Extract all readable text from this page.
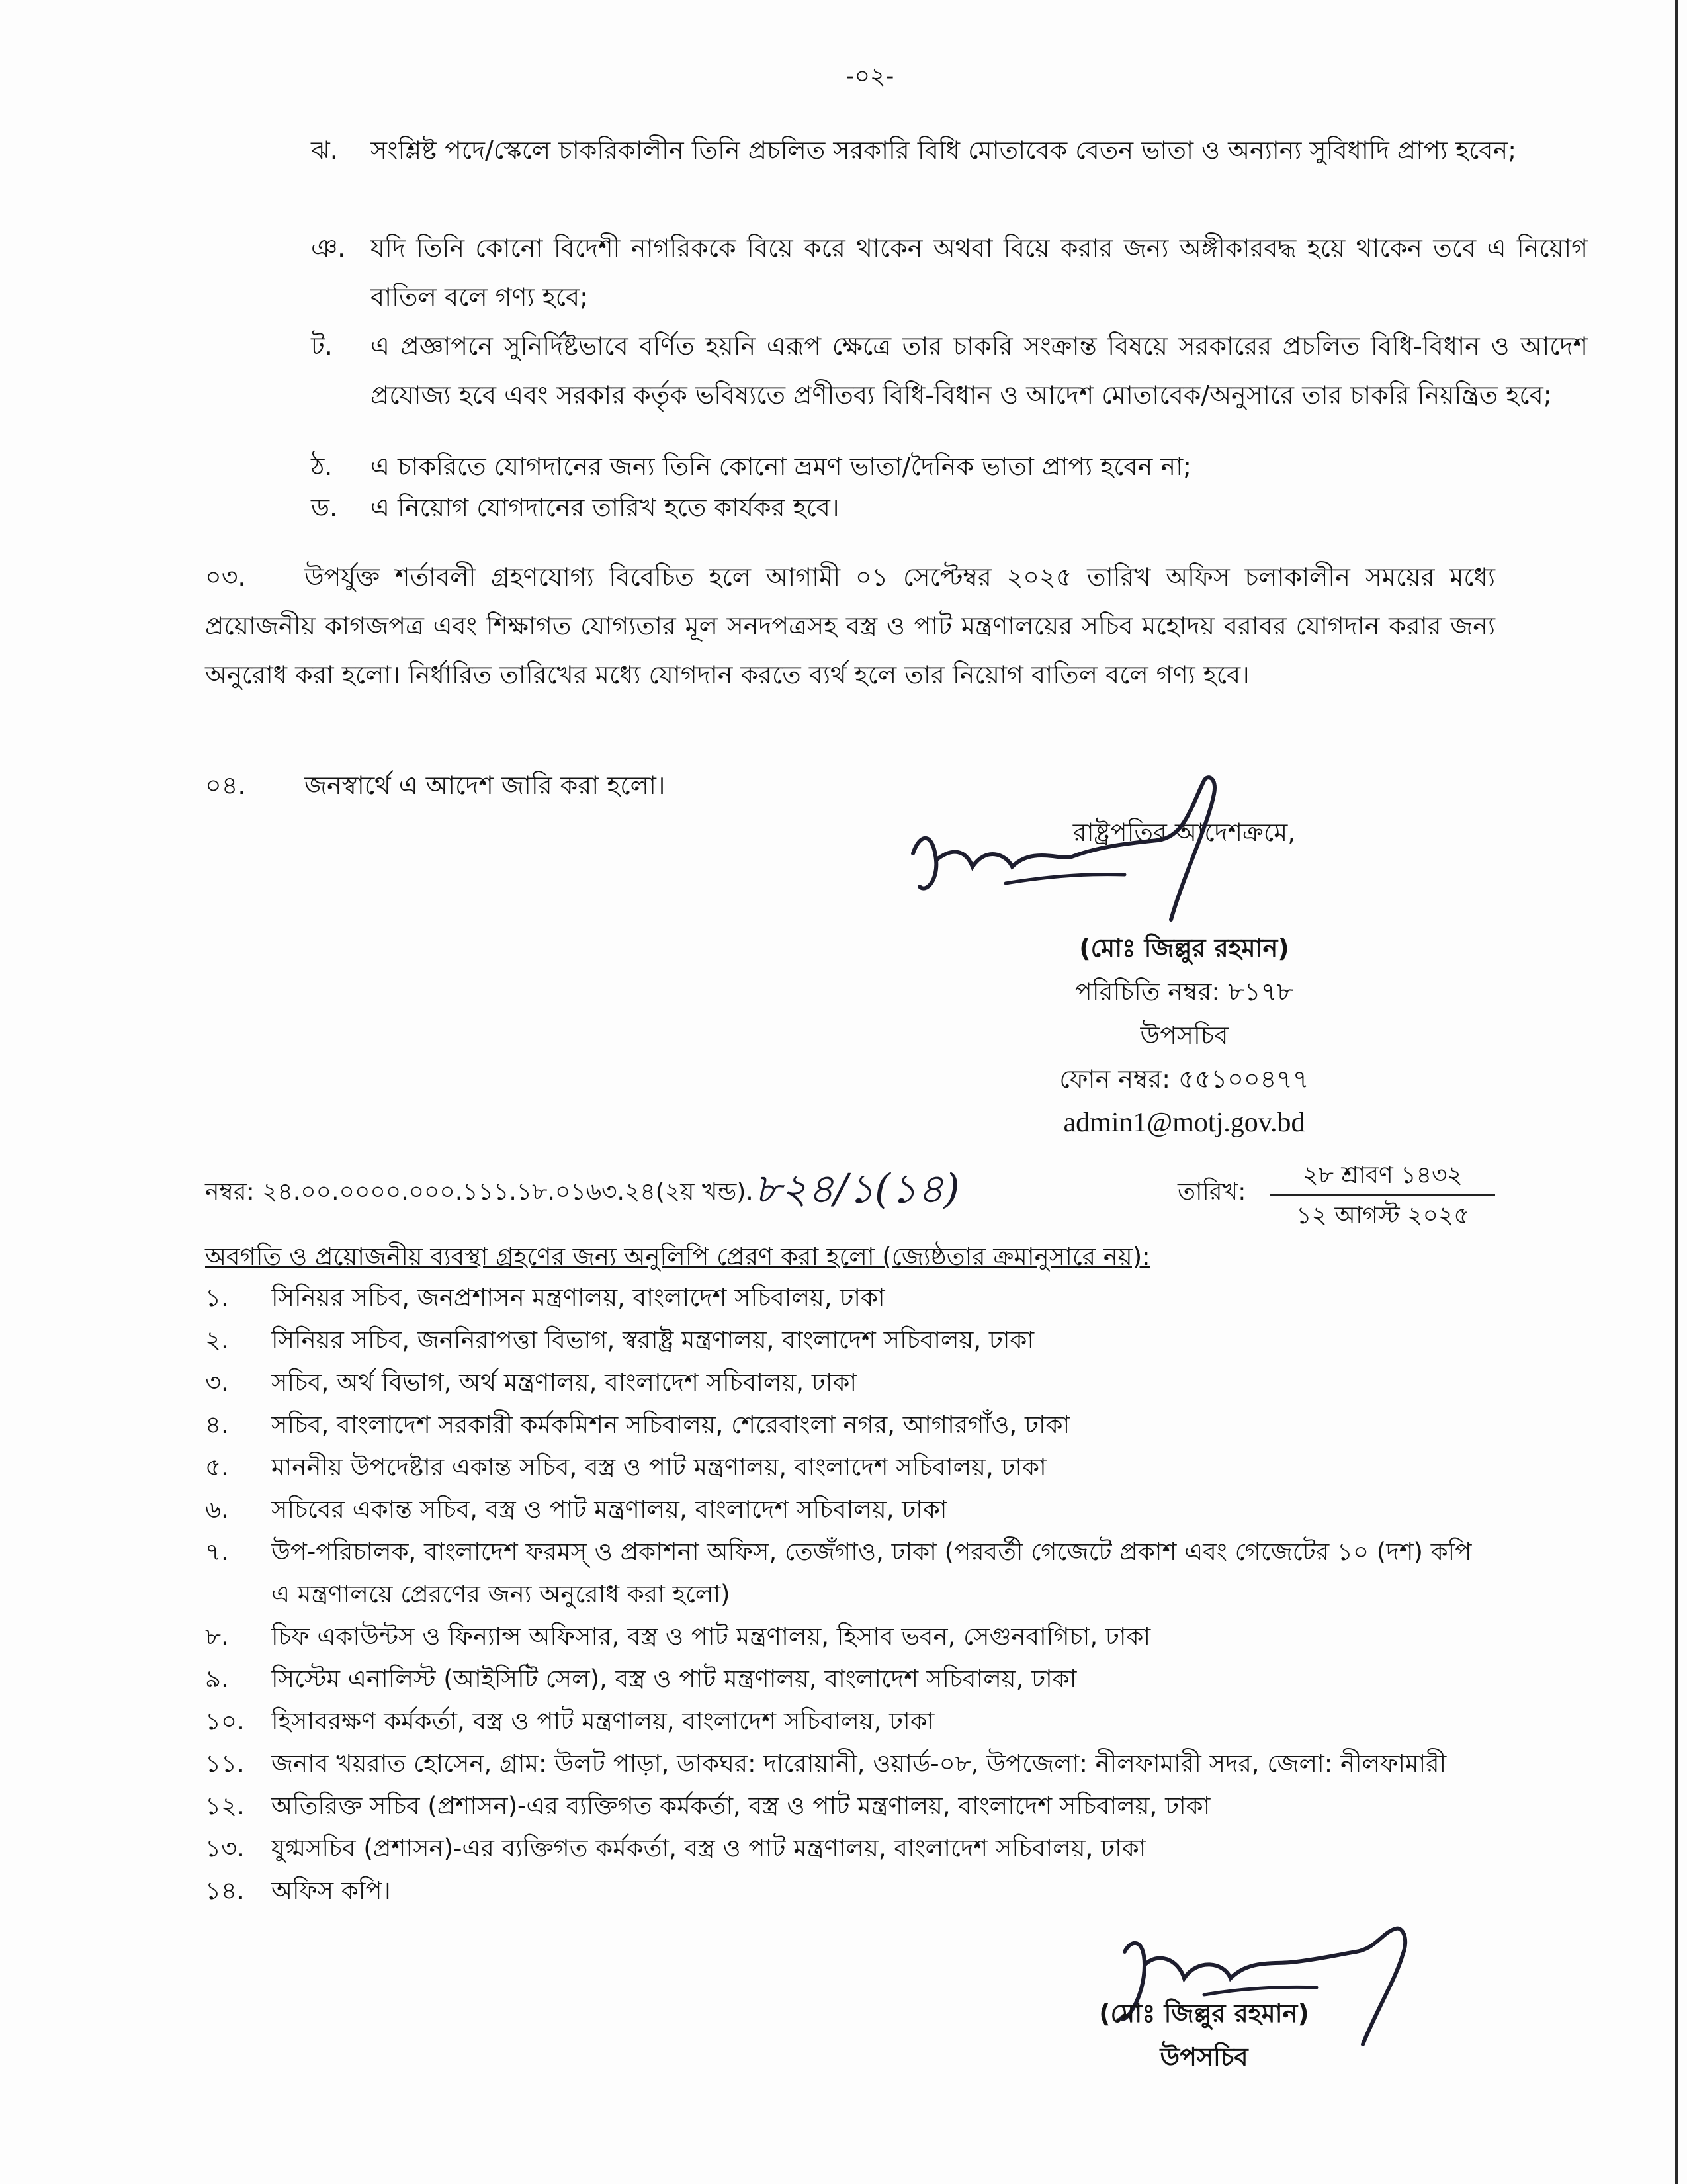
-০২-
ঝ.	সংশ্লিষ্ট পদে/স্কেলে চাকরিকালীন তিনি প্রচলিত সরকারি বিধি মোতাবেক বেতন ভাতা ও অন্যান্য সুবিধাদি প্রাপ্য হবেন;
ঞ. যদি তিনি কোনো বিদেশী নাগরিককে বিয়ে করে থাকেন অথবা বিয়ে করার জন্য অঙ্গীকারবদ্ধ হয়ে থাকেন তবে এ নিয়োগ বাতিল বলে গণ্য হবে;
ট.	এ প্রজ্ঞাপনে সুনির্দিষ্টভাবে বর্ণিত হয়নি এরূপ ক্ষেত্রে তার চাকরি সংক্রান্ত বিষয়ে সরকারের প্রচলিত বিধি-বিধান ও আদেশ প্রযোজ্য হবে এবং সরকার কর্তৃক ভবিষ্যতে প্রণীতব্য বিধি-বিধান ও আদেশ মোতাবেক/অনুসারে তার চাকরি নিয়ন্ত্রিত হবে;
ঠ.	এ চাকরিতে যোগদানের জন্য তিনি কোনো ভ্রমণ ভাতা/দৈনিক ভাতা প্রাপ্য হবেন না;
ড.	এ নিয়োগ যোগদানের তারিখ হতে কার্যকর হবে।
০৩. উপর্যুক্ত শর্তাবলী গ্রহণযোগ্য বিবেচিত হলে আগামী ০১ সেপ্টেম্বর ২০২৫ তারিখ অফিস চলাকালীন সময়ের মধ্যে প্রয়োজনীয় কাগজপত্র এবং শিক্ষাগত যোগ্যতার মূল সনদপত্রসহ বস্ত্র ও পাট মন্ত্রণালয়ের সচিব মহোদয় বরাবর যোগদান করার জন্য অনুরোধ করা হলো। নির্ধারিত তারিখের মধ্যে যোগদান করতে ব্যর্থ হলে তার নিয়োগ বাতিল বলে গণ্য হবে।
০৪. জনস্বার্থে এ আদেশ জারি করা হলো।
রাষ্ট্রপতির আদেশক্রমে,
(মোঃ জিল্লুর রহমান)
পরিচিতি নম্বর: ৮১৭৮
উপসচিব
ফোন নম্বর: ৫৫১০০৪৭৭
admin1@motj.gov.bd
নম্বর: ২৪.০০.০০০০.০০০.১১১.১৮.০১৬৩.২৪(২য় খন্ড). ৮২৪/১(১৪)	তারিখ:
২৮ শ্রাবণ ১৪৩২
১২ আগস্ট ২০২৫
অবগতি ও প্রয়োজনীয় ব্যবস্থা গ্রহণের জন্য অনুলিপি প্রেরণ করা হলো (জ্যেষ্ঠতার ক্রমানুসারে নয়):
১. সিনিয়র সচিব, জনপ্রশাসন মন্ত্রণালয়, বাংলাদেশ সচিবালয়, ঢাকা
২. সিনিয়র সচিব, জননিরাপত্তা বিভাগ, স্বরাষ্ট্র মন্ত্রণালয়, বাংলাদেশ সচিবালয়, ঢাকা
৩. সচিব, অর্থ বিভাগ, অর্থ মন্ত্রণালয়, বাংলাদেশ সচিবালয়, ঢাকা
৪. সচিব, বাংলাদেশ সরকারী কর্মকমিশন সচিবালয়, শেরেবাংলা নগর, আগারগাঁও, ঢাকা
৫. মাননীয় উপদেষ্টার একান্ত সচিব, বস্ত্র ও পাট মন্ত্রণালয়, বাংলাদেশ সচিবালয়, ঢাকা
৬. সচিবের একান্ত সচিব, বস্ত্র ও পাট মন্ত্রণালয়, বাংলাদেশ সচিবালয়, ঢাকা
৭. উপ-পরিচালক, বাংলাদেশ ফরমস্ ও প্রকাশনা অফিস, তেজঁগাও, ঢাকা (পরবর্তী গেজেটে প্রকাশ এবং গেজেটের ১০ (দশ) কপি এ মন্ত্রণালয়ে প্রেরণের জন্য অনুরোধ করা হলো)
৮. চিফ একাউন্টস ও ফিন্যান্স অফিসার, বস্ত্র ও পাট মন্ত্রণালয়, হিসাব ভবন, সেগুনবাগিচা, ঢাকা
৯. সিস্টেম এনালিস্ট (আইসিটি সেল), বস্ত্র ও পাট মন্ত্রণালয়, বাংলাদেশ সচিবালয়, ঢাকা
১০. হিসাবরক্ষণ কর্মকর্তা, বস্ত্র ও পাট মন্ত্রণালয়, বাংলাদেশ সচিবালয়, ঢাকা
১১. জনাব খয়রাত হোসেন, গ্রাম: উলট পাড়া, ডাকঘর: দারোয়ানী, ওয়ার্ড-০৮, উপজেলা: নীলফামারী সদর, জেলা: নীলফামারী
১২. অতিরিক্ত সচিব (প্রশাসন)-এর ব্যক্তিগত কর্মকর্তা, বস্ত্র ও পাট মন্ত্রণালয়, বাংলাদেশ সচিবালয়, ঢাকা
১৩. যুগ্মসচিব (প্রশাসন)-এর ব্যক্তিগত কর্মকর্তা, বস্ত্র ও পাট মন্ত্রণালয়, বাংলাদেশ সচিবালয়, ঢাকা
১৪. অফিস কপি।
(মোঃ জিল্লুর রহমান)
উপসচিব
